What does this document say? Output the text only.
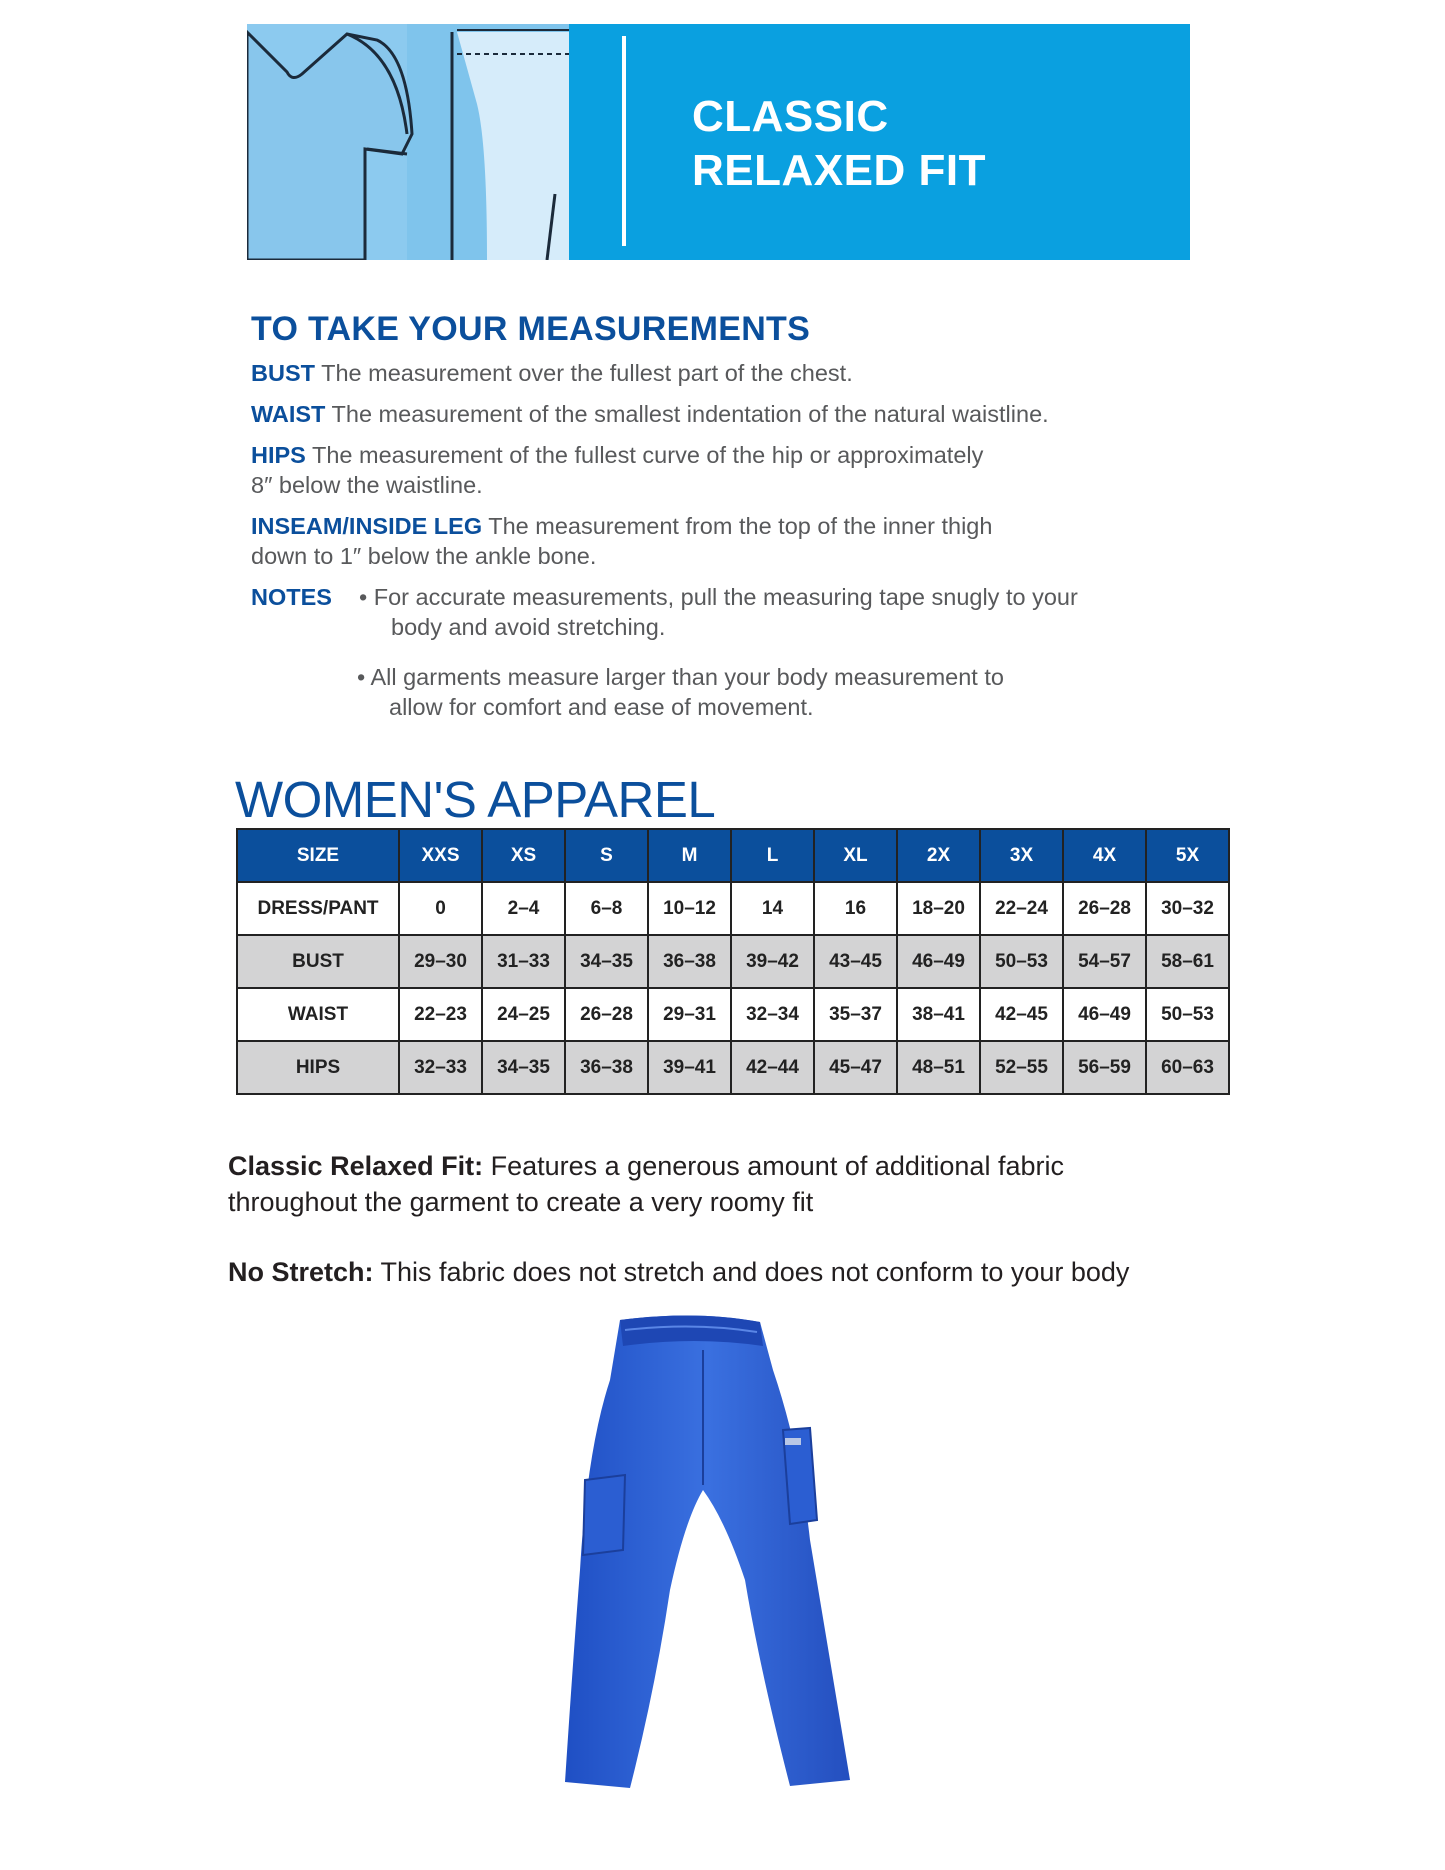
CLASSIC
RELAXED FIT
TO TAKE YOUR MEASUREMENTS
BUST The measurement over the fullest part of the chest.
WAIST The measurement of the smallest indentation of the natural waistline.
HIPS The measurement of the fullest curve of the hip or approximately
8″ below the waistline.
INSEAM/INSIDE LEG The measurement from the top of the inner thigh
down to 1″ below the ankle bone.
NOTES	• For accurate measurements, pull the measuring tape snugly to your
body and avoid stretching.
• All garments measure larger than your body measurement to
allow for comfort and ease of movement.
WOMEN'S APPAREL
SIZE	XXS	XS	S	M	L	XL	2X	3X	4X	5X
DRESS/PANT	0	2–4	6–8	10–12	14	16	18–20	22–24	26–28	30–32
BUST	29–30	31–33	34–35	36–38	39–42	43–45	46–49	50–53	54–57	58–61
WAIST	22–23	24–25	26–28	29–31	32–34	35–37	38–41	42–45	46–49	50–53
HIPS	32–33	34–35	36–38	39–41	42–44	45–47	48–51	52–55	56–59	60–63

Classic Relaxed Fit: Features a generous amount of additional fabric
throughout the garment to create a very roomy fit

No Stretch: This fabric does not stretch and does not conform to your body
